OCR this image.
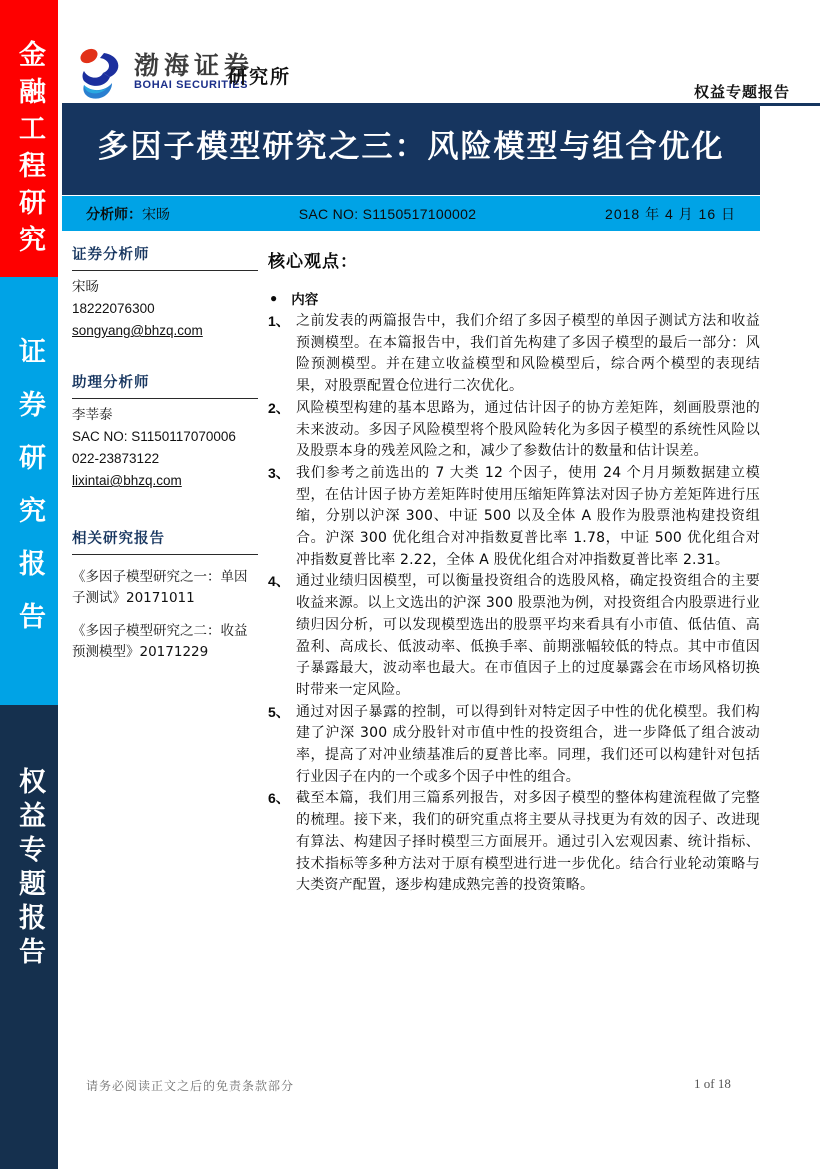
金融工程研究
证券研究报告
权益专题报告
渤海证券
BOHAI SECURITIES
研究所
权益专题报告
多因子模型研究之三：风险模型与组合优化
分析师：宋旸	SAC NO: S1150517100002	2018 年 4 月 16 日
证券分析师
宋旸
18222076300
songyang@bhzq.com
助理分析师
李莘泰
SAC NO: S1150117070006
022-23873122
lixintai@bhzq.com
相关研究报告
《多因子模型研究之一：单因子测试》20171011
《多因子模型研究之二：收益预测模型》20171229
核心观点：
● 内容
1、 之前发表的两篇报告中，我们介绍了多因子模型的单因子测试方法和收益预测模型。在本篇报告中，我们首先构建了多因子模型的最后一部分：风险预测模型。并在建立收益模型和风险模型后，综合两个模型的表现结果，对股票配置仓位进行二次优化。
2、 风险模型构建的基本思路为，通过估计因子的协方差矩阵，刻画股票池的未来波动。多因子风险模型将个股风险转化为多因子模型的系统性风险以及股票本身的残差风险之和，减少了参数估计的数量和估计误差。
3、 我们参考之前选出的 7 大类 12 个因子，使用 24 个月月频数据建立模型，在估计因子协方差矩阵时使用压缩矩阵算法对因子协方差矩阵进行压缩，分别以沪深 300、中证 500 以及全体 A 股作为股票池构建投资组合。沪深 300 优化组合对冲指数夏普比率 1.78，中证 500 优化组合对冲指数夏普比率 2.22，全体 A 股优化组合对冲指数夏普比率 2.31。
4、 通过业绩归因模型，可以衡量投资组合的选股风格，确定投资组合的主要收益来源。以上文选出的沪深 300 股票池为例，对投资组合内股票进行业绩归因分析，可以发现模型选出的股票平均来看具有小市值、低估值、高盈利、高成长、低波动率、低换手率、前期涨幅较低的特点。其中市值因子暴露最大，波动率也最大。在市值因子上的过度暴露会在市场风格切换时带来一定风险。
5、 通过对因子暴露的控制，可以得到针对特定因子中性的优化模型。我们构建了沪深 300 成分股针对市值中性的投资组合，进一步降低了组合波动率，提高了对冲业绩基准后的夏普比率。同理，我们还可以构建针对包括行业因子在内的一个或多个因子中性的组合。
6、 截至本篇，我们用三篇系列报告，对多因子模型的整体构建流程做了完整的梳理。接下来，我们的研究重点将主要从寻找更为有效的因子、改进现有算法、构建因子择时模型三方面展开。通过引入宏观因素、统计指标、技术指标等多种方法对于原有模型进行进一步优化。结合行业轮动策略与大类资产配置，逐步构建成熟完善的投资策略。
请务必阅读正文之后的免责条款部分	1 of 18
